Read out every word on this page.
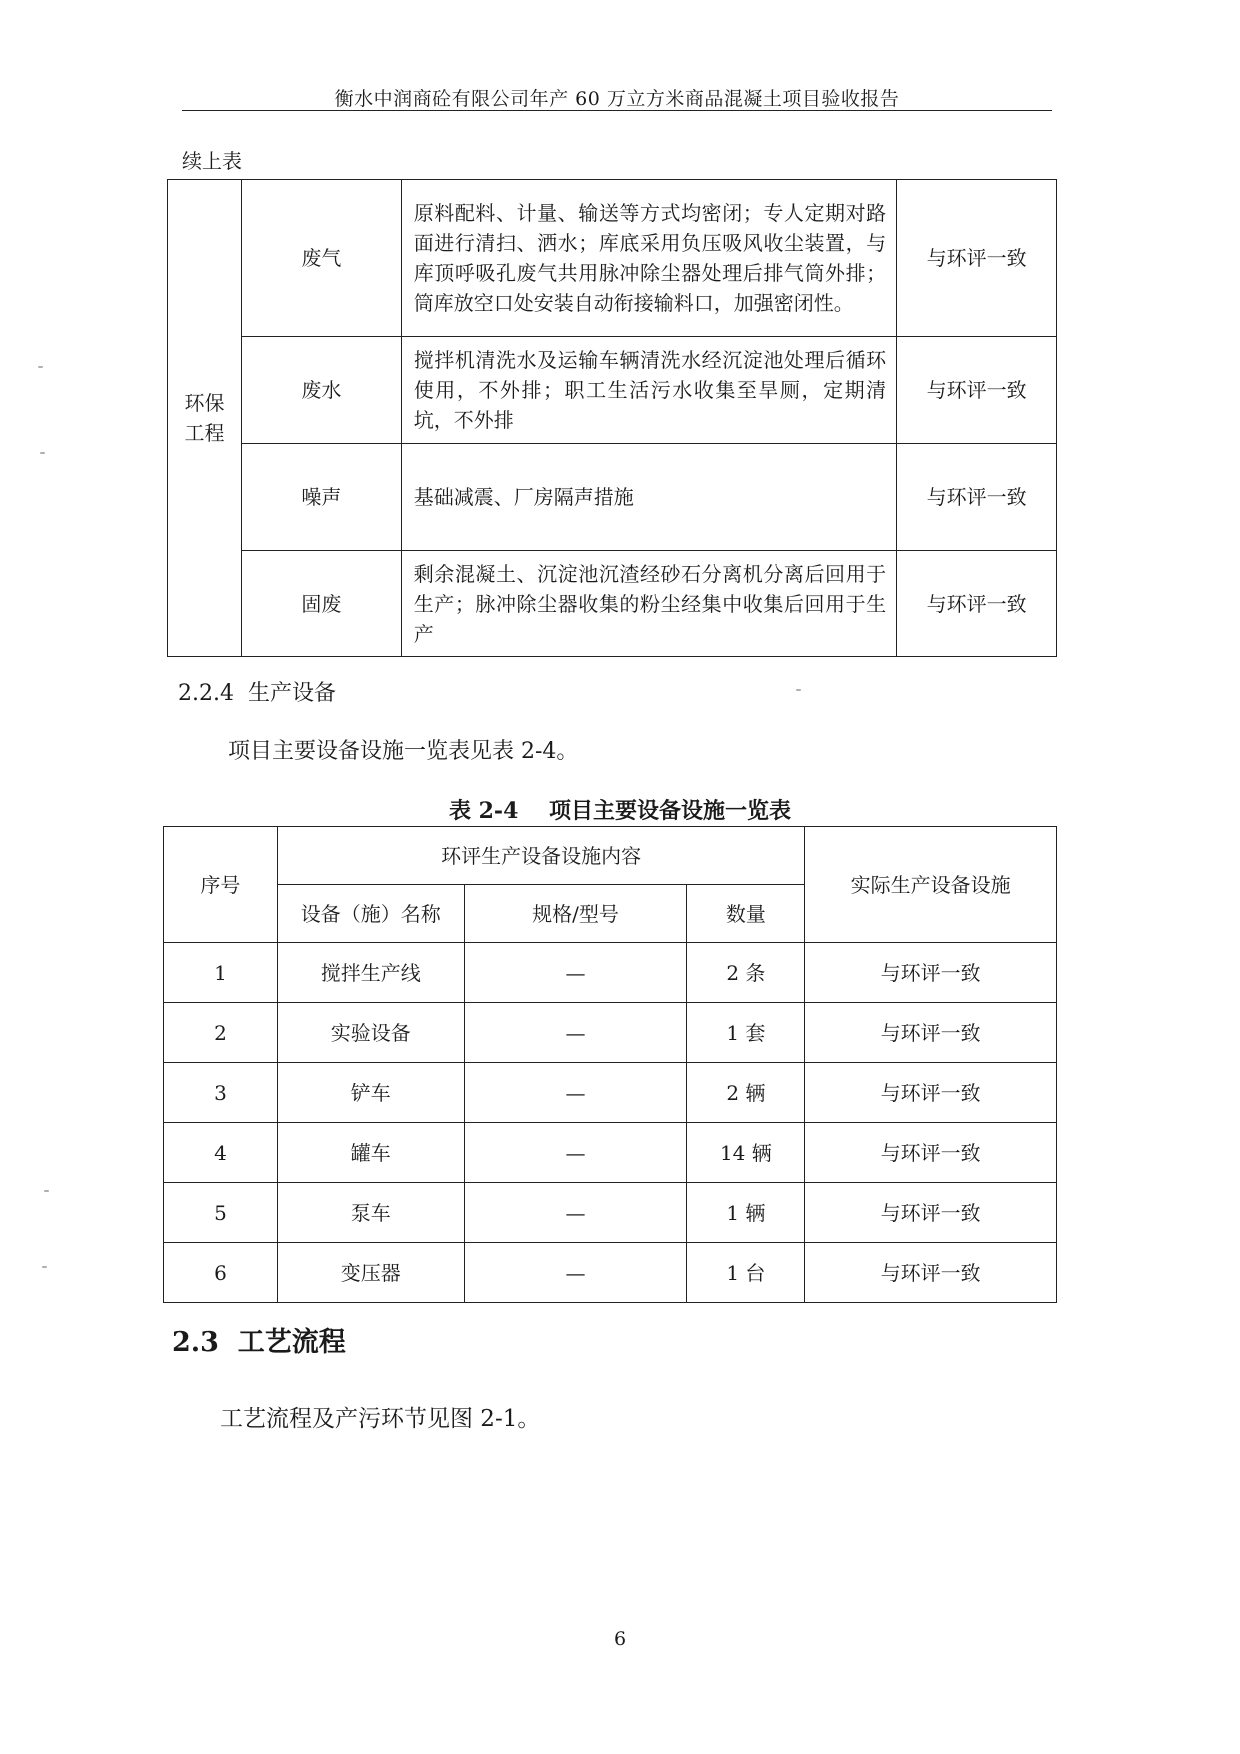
衡水中润商砼有限公司年产 60 万立方米商品混凝土项目验收报告
续上表
环保
工程	废气	原料配料、计量、输送等方式均密闭；专人定期对路面进行清扫、洒水；库底采用负压吸风收尘装置，与库顶呼吸孔废气共用脉冲除尘器处理后排气筒外排；筒库放空口处安装自动衔接输料口，加强密闭性。	与环评一致
	废水	搅拌机清洗水及运输车辆清洗水经沉淀池处理后循环使用，不外排；职工生活污水收集至旱厕，定期清坑，不外排	与环评一致
	噪声	基础减震、厂房隔声措施	与环评一致
	固废	剩余混凝土、沉淀池沉渣经砂石分离机分离后回用于生产；脉冲除尘器收集的粉尘经集中收集后回用于生产	与环评一致
2.2.4  生产设备
项目主要设备设施一览表见表 2-4。
表 2-4    项目主要设备设施一览表
序号	环评生产设备设施内容			实际生产设备设施
	设备（施）名称	规格/型号	数量	
1	搅拌生产线	—	2 条	与环评一致
2	实验设备	—	1 套	与环评一致
3	铲车	—	2 辆	与环评一致
4	罐车	—	14 辆	与环评一致
5	泵车	—	1 辆	与环评一致
6	变压器	—	1 台	与环评一致
2.3  工艺流程
工艺流程及产污环节见图 2-1。
6
